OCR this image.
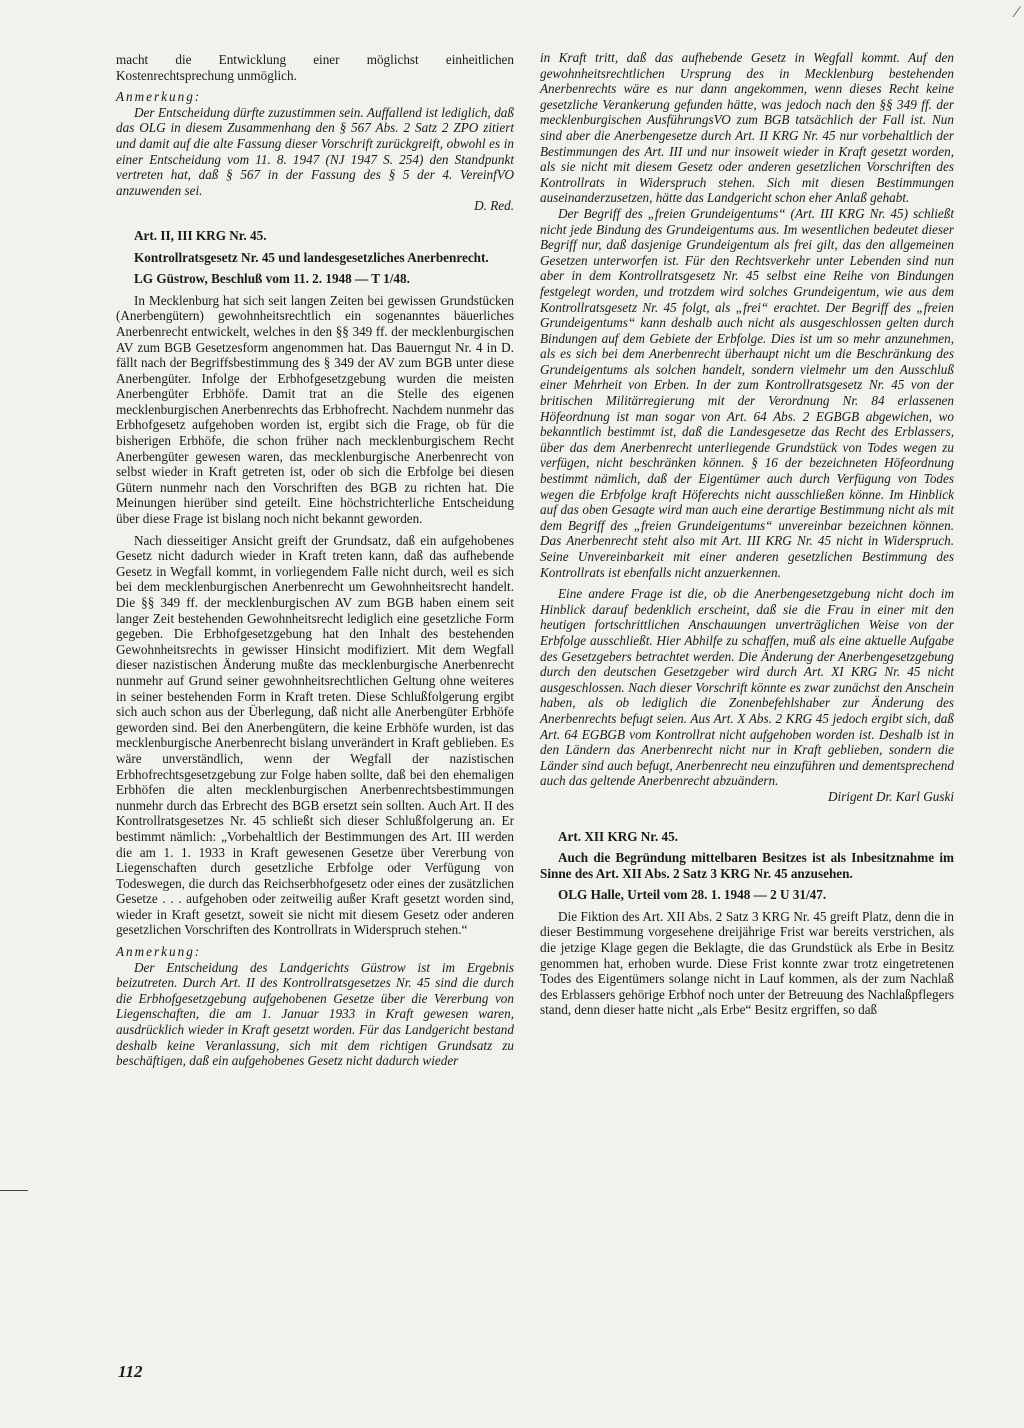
macht die Entwicklung einer möglichst einheitlichen Kostenrechtsprechung unmöglich.

Anmerkung:

Der Entscheidung dürfte zuzustimmen sein. Auffallend ist lediglich, daß das OLG in diesem Zusammenhang den § 567 Abs. 2 Satz 2 ZPO zitiert und damit auf die alte Fassung dieser Vorschrift zurückgreift, obwohl es in einer Entscheidung vom 11. 8. 1947 (NJ 1947 S. 254) den Standpunkt vertreten hat, daß § 567 in der Fassung des § 5 der 4. VereinfVO anzuwenden sei.

D. Red.

Art. II, III KRG Nr. 45.

Kontrollratsgesetz Nr. 45 und landesgesetzliches Anerbenrecht.

LG Güstrow, Beschluß vom 11. 2. 1948 — T 1/48.

In Mecklenburg hat sich seit langen Zeiten bei gewissen Grundstücken (Anerbengütern) gewohnheitsrechtlich ein sogenanntes bäuerliches Anerbenrecht entwickelt, welches in den §§ 349 ff. der mecklenburgischen AV zum BGB Gesetzesform angenommen hat. Das Bauerngut Nr. 4 in D. fällt nach der Begriffsbestimmung des § 349 der AV zum BGB unter diese Anerbengüter. Infolge der Erbhofgesetzgebung wurden die meisten Anerbengüter Erbhöfe. Damit trat an die Stelle des eigenen mecklenburgischen Anerbenrechts das Erbhofrecht. Nachdem nunmehr das Erbhofgesetz aufgehoben worden ist, ergibt sich die Frage, ob für die bisherigen Erbhöfe, die schon früher nach mecklenburgischem Recht Anerbengüter gewesen waren, das mecklenburgische Anerbenrecht von selbst wieder in Kraft getreten ist, oder ob sich die Erbfolge bei diesen Gütern nunmehr nach den Vorschriften des BGB zu richten hat. Die Meinungen hierüber sind geteilt. Eine höchstrichterliche Entscheidung über diese Frage ist bislang noch nicht bekannt geworden.

Nach diesseitiger Ansicht greift der Grundsatz, daß ein aufgehobenes Gesetz nicht dadurch wieder in Kraft treten kann, daß das aufhebende Gesetz in Wegfall kommt, in vorliegendem Falle nicht durch, weil es sich bei dem mecklenburgischen Anerbenrecht um Gewohnheitsrecht handelt. Die §§ 349 ff. der mecklenburgischen AV zum BGB haben einem seit langer Zeit bestehenden Gewohnheitsrecht lediglich eine gesetzliche Form gegeben. Die Erbhofgesetzgebung hat den Inhalt des bestehenden Gewohnheitsrechts in gewisser Hinsicht modifiziert. Mit dem Wegfall dieser nazistischen Änderung mußte das mecklenburgische Anerbenrecht nunmehr auf Grund seiner gewohnheitsrechtlichen Geltung ohne weiteres in seiner bestehenden Form in Kraft treten. Diese Schlußfolgerung ergibt sich auch schon aus der Überlegung, daß nicht alle Anerbengüter Erbhöfe geworden sind. Bei den Anerbengütern, die keine Erbhöfe wurden, ist das mecklenburgische Anerbenrecht bislang unverändert in Kraft geblieben. Es wäre unverständlich, wenn der Wegfall der nazistischen Erbhofrechtsgesetzgebung zur Folge haben sollte, daß bei den ehemaligen Erbhöfen die alten mecklenburgischen Anerbenrechtsbestimmungen nunmehr durch das Erbrecht des BGB ersetzt sein sollten. Auch Art. II des Kontrollratsgesetzes Nr. 45 schließt sich dieser Schlußfolgerung an. Er bestimmt nämlich: „Vorbehaltlich der Bestimmungen des Art. III werden die am 1. 1. 1933 in Kraft gewesenen Gesetze über Vererbung von Liegenschaften durch gesetzliche Erbfolge oder Verfügung von Todeswegen, die durch das Reichserbhofgesetz oder eines der zusätzlichen Gesetze . . . aufgehoben oder zeitweilig außer Kraft gesetzt worden sind, wieder in Kraft gesetzt, soweit sie nicht mit diesem Gesetz oder anderen gesetzlichen Vorschriften des Kontrollrats in Widerspruch stehen.“

Anmerkung:

Der Entscheidung des Landgerichts Güstrow ist im Ergebnis beizutreten. Durch Art. II des Kontrollratsgesetzes Nr. 45 sind die durch die Erbhofgesetzgebung aufgehobenen Gesetze über die Vererbung von Liegenschaften, die am 1. Januar 1933 in Kraft gewesen waren, ausdrücklich wieder in Kraft gesetzt worden. Für das Landgericht bestand deshalb keine Veranlassung, sich mit dem richtigen Grundsatz zu beschäftigen, daß ein aufgehobenes Gesetz nicht dadurch wieder

in Kraft tritt, daß das aufhebende Gesetz in Wegfall kommt. Auf den gewohnheitsrechtlichen Ursprung des in Mecklenburg bestehenden Anerbenrechts wäre es nur dann angekommen, wenn dieses Recht keine gesetzliche Verankerung gefunden hätte, was jedoch nach den §§ 349 ff. der mecklenburgischen AusführungsVO zum BGB tatsächlich der Fall ist. Nun sind aber die Anerbengesetze durch Art. II KRG Nr. 45 nur vorbehaltlich der Bestimmungen des Art. III und nur insoweit wieder in Kraft gesetzt worden, als sie nicht mit diesem Gesetz oder anderen gesetzlichen Vorschriften des Kontrollrats in Widerspruch stehen. Sich mit diesen Bestimmungen auseinanderzusetzen, hätte das Landgericht schon eher Anlaß gehabt.

Der Begriff des „freien Grundeigentums“ (Art. III KRG Nr. 45) schließt nicht jede Bindung des Grundeigentums aus. Im wesentlichen bedeutet dieser Begriff nur, daß dasjenige Grundeigentum als frei gilt, das den allgemeinen Gesetzen unterworfen ist. Für den Rechtsverkehr unter Lebenden sind nun aber in dem Kontrollratsgesetz Nr. 45 selbst eine Reihe von Bindungen festgelegt worden, und trotzdem wird solches Grundeigentum, wie aus dem Kontrollratsgesetz Nr. 45 folgt, als „frei“ erachtet. Der Begriff des „freien Grundeigentums“ kann deshalb auch nicht als ausgeschlossen gelten durch Bindungen auf dem Gebiete der Erbfolge. Dies ist um so mehr anzunehmen, als es sich bei dem Anerbenrecht überhaupt nicht um die Beschränkung des Grundeigentums als solchen handelt, sondern vielmehr um den Ausschluß einer Mehrheit von Erben. In der zum Kontrollratsgesetz Nr. 45 von der britischen Militärregierung mit der Verordnung Nr. 84 erlassenen Höfeordnung ist man sogar von Art. 64 Abs. 2 EGBGB abgewichen, wo bekanntlich bestimmt ist, daß die Landesgesetze das Recht des Erblassers, über das dem Anerbenrecht unterliegende Grundstück von Todes wegen zu verfügen, nicht beschränken können. § 16 der bezeichneten Höfeordnung bestimmt nämlich, daß der Eigentümer auch durch Verfügung von Todes wegen die Erbfolge kraft Höferechts nicht ausschließen könne. Im Hinblick auf das oben Gesagte wird man auch eine derartige Bestimmung nicht als mit dem Begriff des „freien Grundeigentums“ unvereinbar bezeichnen können. Das Anerbenrecht steht also mit Art. III KRG Nr. 45 nicht in Widerspruch. Seine Unvereinbarkeit mit einer anderen gesetzlichen Bestimmung des Kontrollrats ist ebenfalls nicht anzuerkennen.

Eine andere Frage ist die, ob die Anerbengesetzgebung nicht doch im Hinblick darauf bedenklich erscheint, daß sie die Frau in einer mit den heutigen fortschrittlichen Anschauungen unverträglichen Weise von der Erbfolge ausschließt. Hier Abhilfe zu schaffen, muß als eine aktuelle Aufgabe des Gesetzgebers betrachtet werden. Die Änderung der Anerbengesetzgebung durch den deutschen Gesetzgeber wird durch Art. XI KRG Nr. 45 nicht ausgeschlossen. Nach dieser Vorschrift könnte es zwar zunächst den Anschein haben, als ob lediglich die Zonenbefehlshaber zur Änderung des Anerbenrechts befugt seien. Aus Art. X Abs. 2 KRG 45 jedoch ergibt sich, daß Art. 64 EGBGB vom Kontrollrat nicht aufgehoben worden ist. Deshalb ist in den Ländern das Anerbenrecht nicht nur in Kraft geblieben, sondern die Länder sind auch befugt, Anerbenrecht neu einzuführen und dementsprechend auch das geltende Anerbenrecht abzuändern.

Dirigent Dr. Karl Guski

Art. XII KRG Nr. 45.

Auch die Begründung mittelbaren Besitzes ist als Inbesitznahme im Sinne des Art. XII Abs. 2 Satz 3 KRG Nr. 45 anzusehen.

OLG Halle, Urteil vom 28. 1. 1948 — 2 U 31/47.

Die Fiktion des Art. XII Abs. 2 Satz 3 KRG Nr. 45 greift Platz, denn die in dieser Bestimmung vorgesehene dreijährige Frist war bereits verstrichen, als die jetzige Klage gegen die Beklagte, die das Grundstück als Erbe in Besitz genommen hat, erhoben wurde. Diese Frist konnte zwar trotz eingetretenen Todes des Eigentümers solange nicht in Lauf kommen, als der zum Nachlaß des Erblassers gehörige Erbhof noch unter der Betreuung des Nachlaßpflegers stand, denn dieser hatte nicht „als Erbe“ Besitz ergriffen, so daß

112
⁄
